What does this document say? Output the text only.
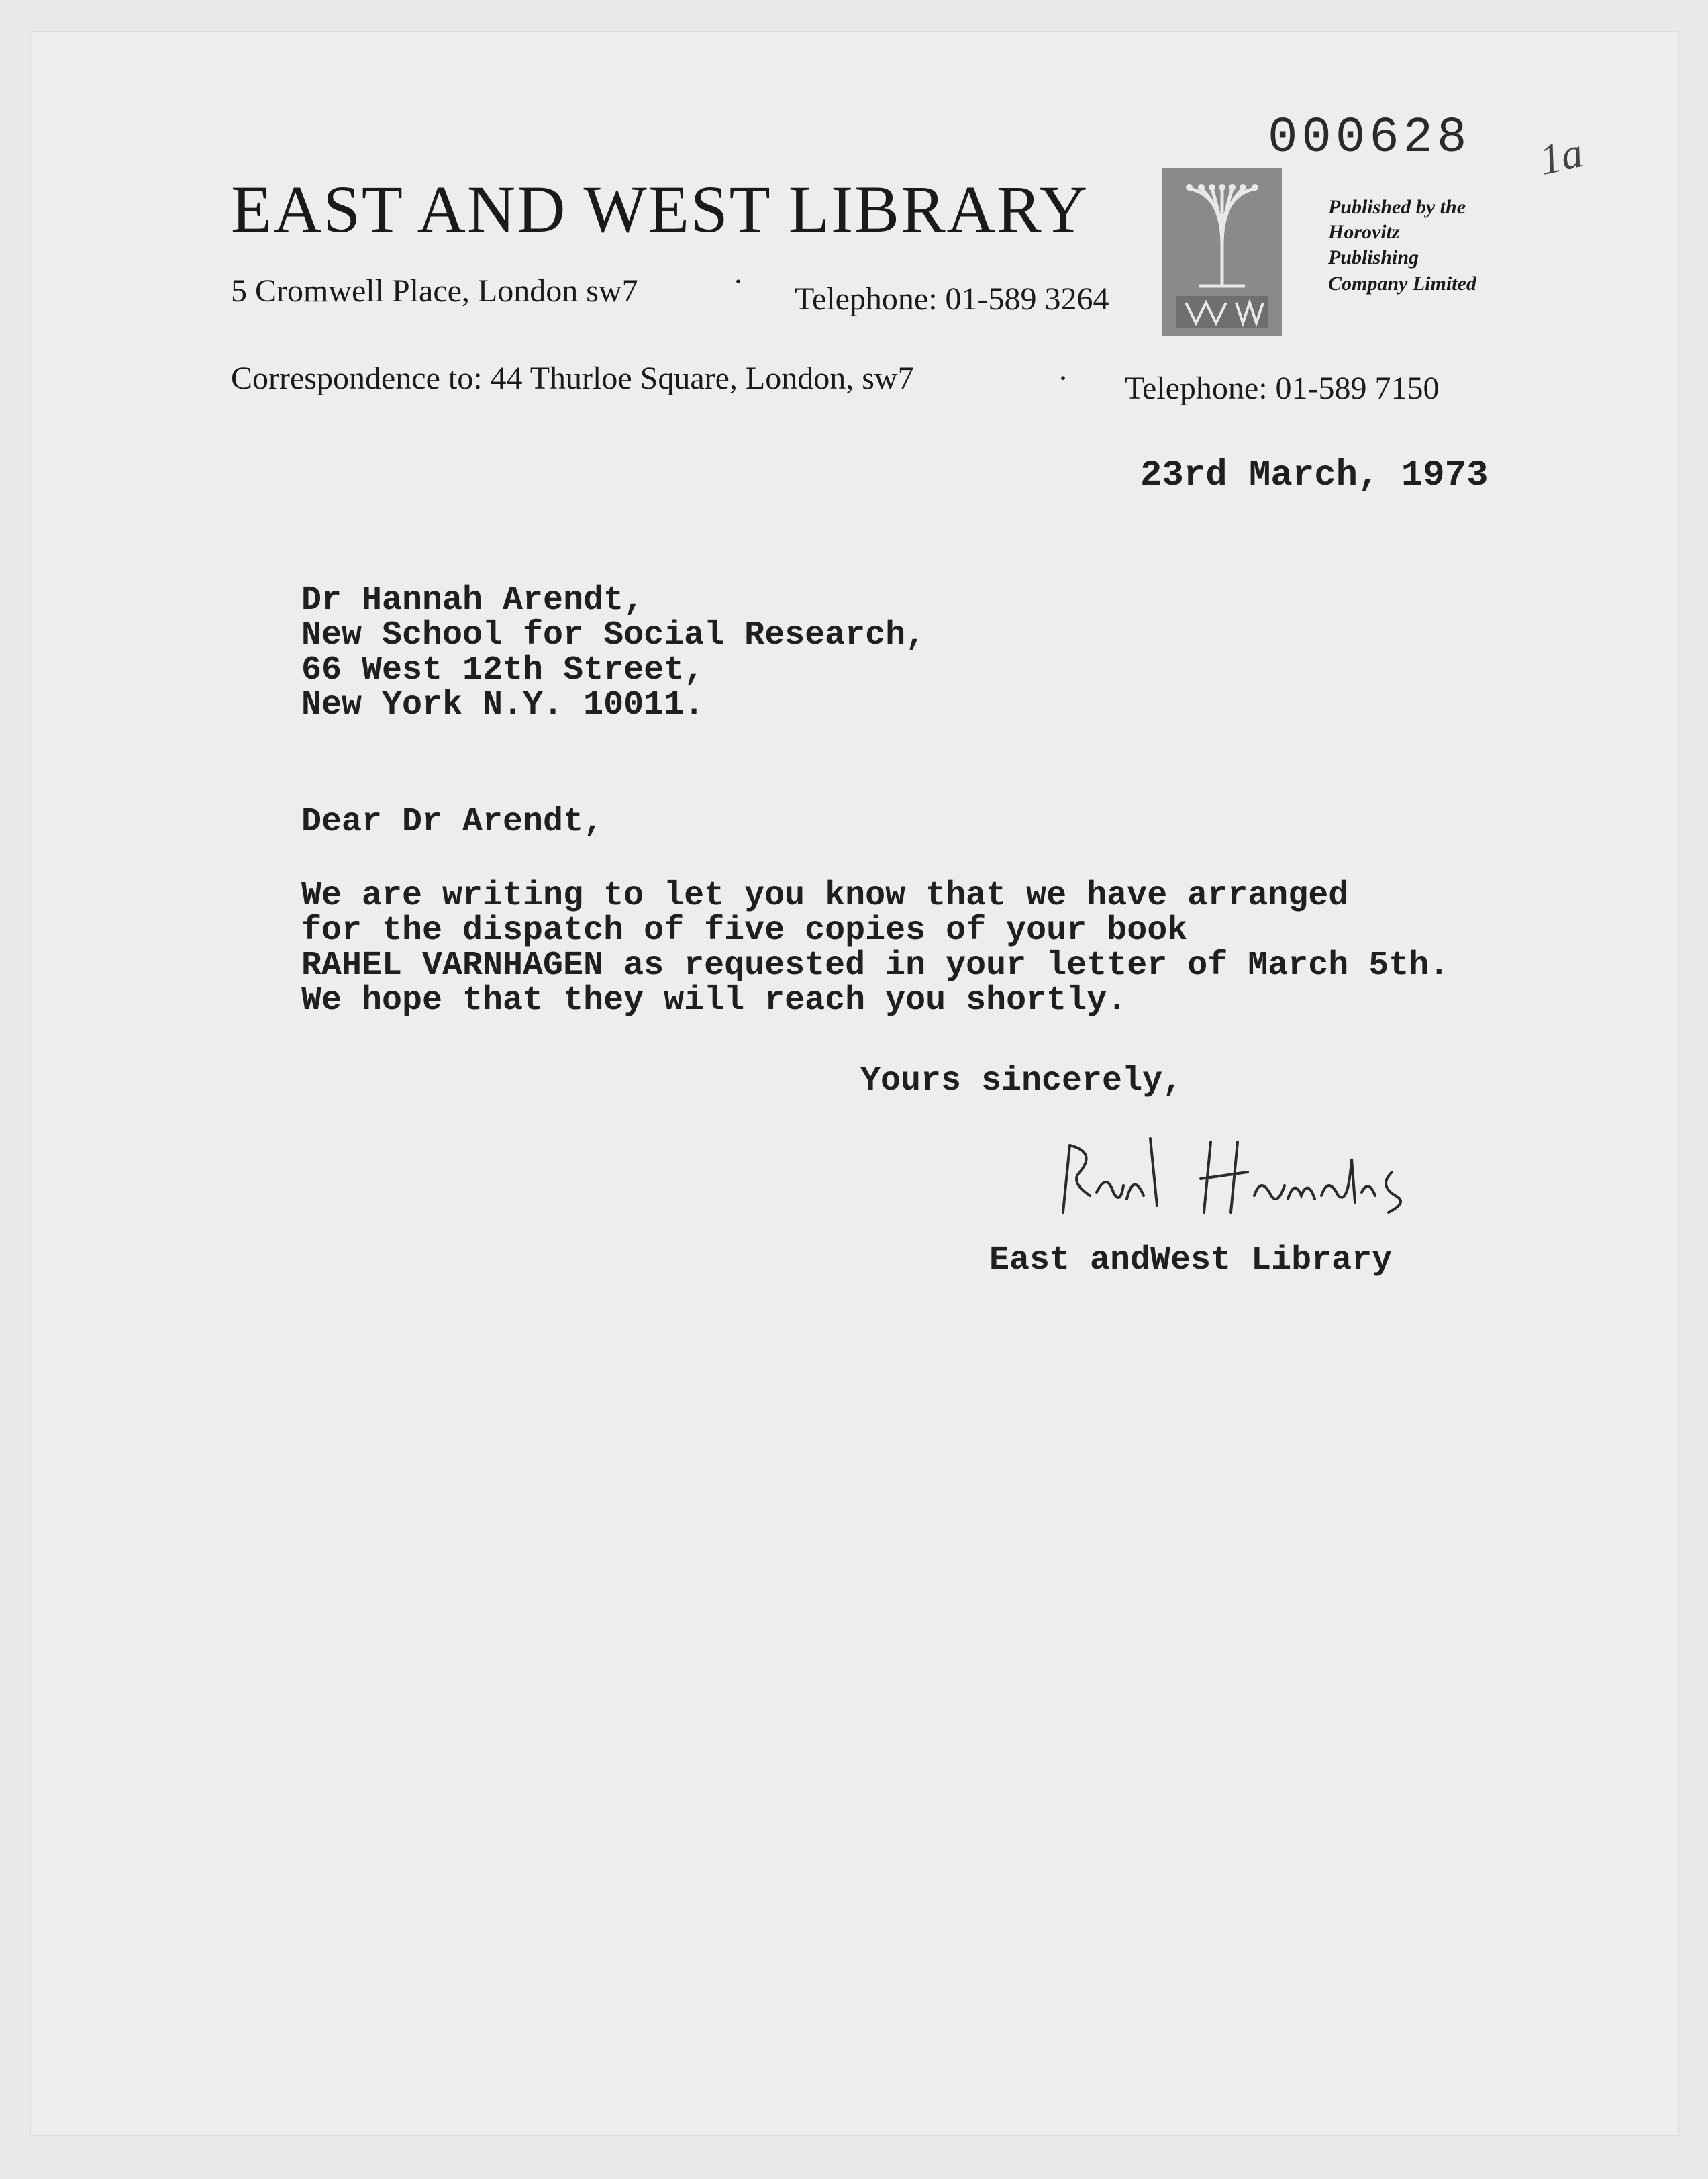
000628 1a

EAST AND WEST LIBRARY

5 Cromwell Place, London sw7	· Telephone: 01-589 3264

Published by the

Horovitz

Publishing

Company Limited

Correspondence to: 44 Thurloe Square, London, sw7	· Telephone: 01-589 7150

23rd March, 1973

Dr Hannah Arendt,

New School for Social Research,

66 West 12th Street,

New York N.Y. 10011.

Dear Dr Arendt,

We are writing to let you know that we have arranged

for the dispatch of five copies of your book

RAHEL VARNHAGEN as requested in your letter of March 5th.

We hope that they will reach you shortly.

Yours sincerely,

East andWest Library
